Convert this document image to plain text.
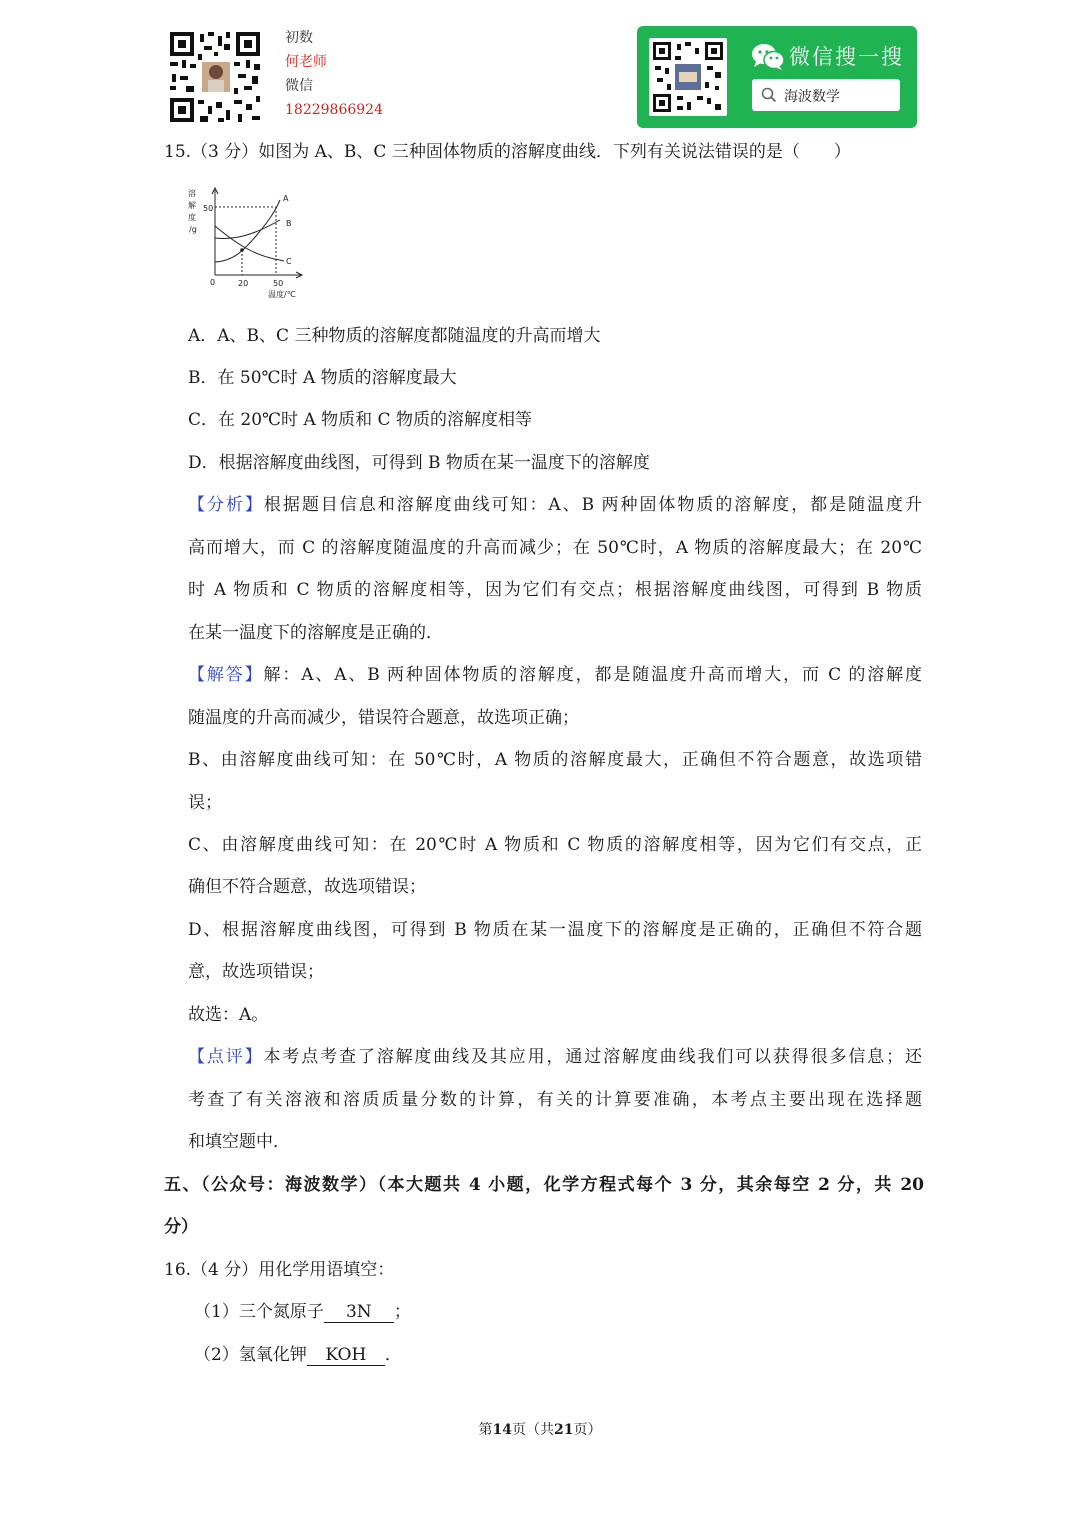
初数
何老师
微信
18229866924
微信搜一搜
海波数学
15.（3 分）如图为 A、B、C 三种固体物质的溶解度曲线．下列有关说法错误的是（　　）
溶
解
度
/g
50
0	20	50
温度/℃
A
B
C
A．A、B、C 三种物质的溶解度都随温度的升高而增大
B．在 50℃时 A 物质的溶解度最大
C．在 20℃时 A 物质和 C 物质的溶解度相等
D．根据溶解度曲线图，可得到 B 物质在某一温度下的溶解度
【分析】根据题目信息和溶解度曲线可知：A、B 两种固体物质的溶解度，都是随温度升
高而增大，而 C 的溶解度随温度的升高而减少；在 50℃时，A 物质的溶解度最大；在 20℃
时 A 物质和 C 物质的溶解度相等，因为它们有交点；根据溶解度曲线图，可得到 B 物质
在某一温度下的溶解度是正确的．
【解答】解：A、A、B 两种固体物质的溶解度，都是随温度升高而增大，而 C 的溶解度
随温度的升高而减少，错误符合题意，故选项正确；
B、由溶解度曲线可知：在 50℃时，A 物质的溶解度最大，正确但不符合题意，故选项错
误；
C、由溶解度曲线可知：在 20℃时 A 物质和 C 物质的溶解度相等，因为它们有交点，正
确但不符合题意，故选项错误；
D、根据溶解度曲线图，可得到 B 物质在某一温度下的溶解度是正确的，正确但不符合题
意，故选项错误；
故选：A。
【点评】本考点考查了溶解度曲线及其应用，通过溶解度曲线我们可以获得很多信息；还
考查了有关溶液和溶质质量分数的计算，有关的计算要准确，本考点主要出现在选择题
和填空题中．
五、（公众号：海波数学）（本大题共 4 小题，化学方程式每个 3 分，其余每空 2 分，共 20
分）
16.（4 分）用化学用语填空：
（1）三个氮原子 3N ；
（2）氢氧化钾 KOH ．
第14页（共21页）
